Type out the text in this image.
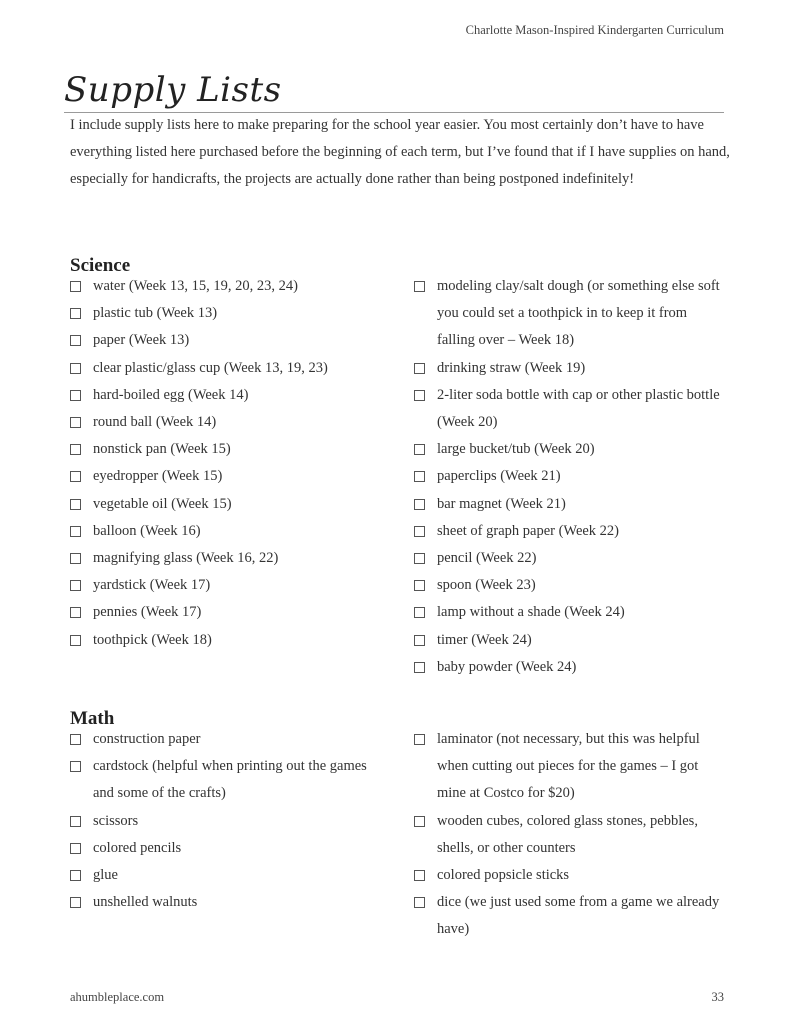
Charlotte Mason-Inspired Kindergarten Curriculum
Supply Lists

I include supply lists here to make preparing for the school year easier. You most certainly don’t have to have everything listed here purchased before the beginning of each term, but I’ve found that if I have supplies on hand, especially for handicrafts, the projects are actually done rather than being postponed indefinitely!

Science
water (Week 13, 15, 19, 20, 23, 24)
plastic tub (Week 13)
paper (Week 13)
clear plastic/glass cup (Week 13, 19, 23)
hard-boiled egg (Week 14)
round ball (Week 14)
nonstick pan (Week 15)
eyedropper (Week 15)
vegetable oil (Week 15)
balloon (Week 16)
magnifying glass (Week 16, 22)
yardstick (Week 17)
pennies (Week 17)
toothpick (Week 18)
modeling clay/salt dough (or something else soft you could set a toothpick in to keep it from falling over – Week 18)
drinking straw (Week 19)
2-liter soda bottle with cap or other plastic bottle (Week 20)
large bucket/tub (Week 20)
paperclips (Week 21)
bar magnet (Week 21)
sheet of graph paper (Week 22)
pencil (Week 22)
spoon (Week 23)
lamp without a shade (Week 24)
timer (Week 24)
baby powder (Week 24)
Math
construction paper
cardstock (helpful when printing out the games and some of the crafts)
scissors
colored pencils
glue
unshelled walnuts
laminator (not necessary, but this was helpful when cutting out pieces for the games – I got mine at Costco for $20)
wooden cubes, colored glass stones, pebbles, shells, or other counters
colored popsicle sticks
dice (we just used some from a game we already have)
ahumbleplace.com	33
